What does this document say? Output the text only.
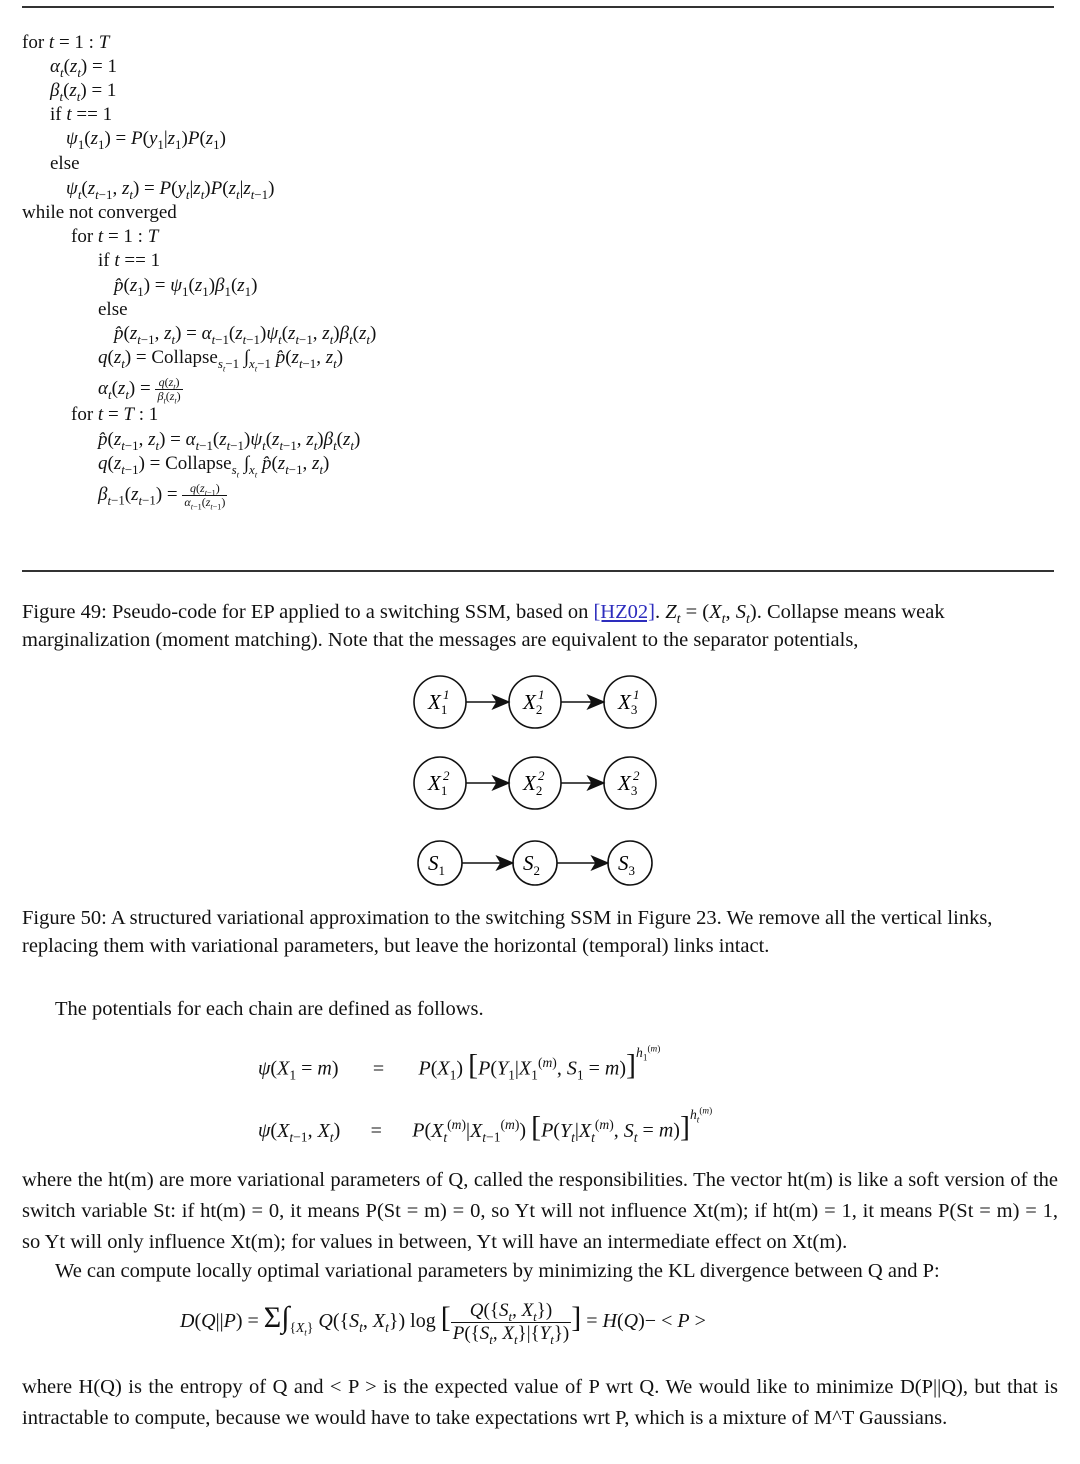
for t = 1 : T
$\alpha_t(z_t) = 1$
$\beta_t(z_t) = 1$
if t == 1
$\psi_1(z_1) = P(y_1|z_1)P(z_1)$
else
$\psi_t(z_{t-1}$, $z_t) = P(y_t|z_t)P(z_t|z_{t-1})$
while not converged
for t = 1 : T
if t == 1
$p̂(z_1) = \psi_1(z_1)\beta_1(z_1)$
else
$p̂(z_{t-1}$, $z_t) = \alpha_{t-1}(z_{t-1})\psi_t(z_{t-1}$, $z_t)\beta_t(z_t)$
$q(z_t)$ = Collapse$_{s_t-1}$ $\int_{x_t-1}$ $p̂(z_{t-1}$, $z_t$)
$\alpha_t(z_t) = \frac{q(z_t)}{\beta_t(z_t)}$
for t = T : 1
$p̂(z_{t-1}$, $z_t) = \alpha_{t-1}(z_{t-1})\psi_t(z_{t-1}$, $z_t)\beta_t(z_t)$
$q(z_{t-1})$ = Collapse$_{s_t}$ $\int_{x_t}$ $p̂(z_{t-1}$, $z_t$)
$\beta_{t-1}(z_{t-1}) = \frac{q(z_{t-1})}{\alpha_{t-1}(z_{t-1})}$
Figure 49: Pseudo-code for EP applied to a switching SSM, based on [HZ02]. $Z_t = (X_t$, $S_t$). Collapse means weak marginalization (moment matching). Note that the messages are equivalent to the separator potentials,
$X_1$
1	$X_2$
1	$X_3$
1
$X_1$
2	$X_2$
2	$X_3$
2
$S_1$	$S_2$	$S_3$
Figure 50: A structured variational approximation to the switching SSM in Figure 23. We remove all the vertical links, replacing them with variational parameters, but leave the horizontal (temporal) links intact.
The potentials for each chain are defined as follows.
$\psi(X_1 = m) = P(X_1)$ [$P(Y_1|X_1^{(m)}$, $S_1 = m)]^{h_1^{(m)}}$
$\psi(X_{t-1}$, $X_t) = P(X_t^{(m)}|X_{t-1}^{(m)})$ [$P(Y_t|X_t^{(m)}$, $S_t = m)]^{h_t^{(m)}}$
where the ht(m) are more variational parameters of Q, called the responsibilities. The vector ht(m) is like a soft version of the switch variable St: if ht(m) = 0, it means P(St = m) = 0, so Yt will not influence Xt(m); if ht(m) = 1, it means P(St = m) = 1, so Yt will only influence Xt(m); for values in between, Yt will have an intermediate effect on Xt(m).
We can compute locally optimal variational parameters by minimizing the KL divergence between Q and P:
$D(Q||P) = \Sigma\int_{\{X_t\}}$ $Q(\{S_t$, $X_t$}) log [ $\frac{Q(\{S_t, X_t\})}{P(\{S_t, X_t\}|\{Y_t\})}$ ] = H(Q)− < P >
where H(Q) is the entropy of Q and < P > is the expected value of P wrt Q. We would like to minimize D(P||Q), but that is intractable to compute, because we would have to take expectations wrt P, which is a mixture of M^T Gaussians.
